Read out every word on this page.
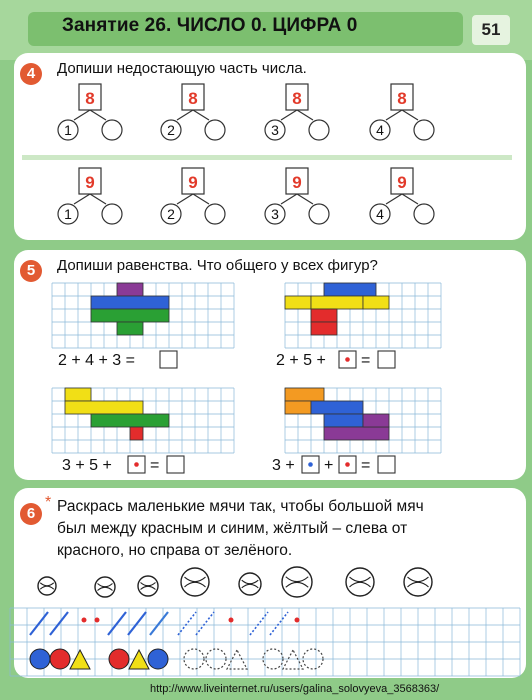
Занятие 26. ЧИСЛО 0. ЦИФРА 0	51
4	Допиши недостающую часть числа.
8
1
8
2
8
3
8
4
9
1
9
2
9
3
9
4
5	Допиши равенства. Что общего у всех фигур?
2 + 4 + 3 =	2 + 5 + =
3 + 5 + =	3 + + =
6
* Раскрась маленькие мячи так, чтобы большой мяч
был между красным и синим, жёлтый – слева от
красного, но справа от зелёного.
http://www.liveinternet.ru/users/galina_solovyeva_3568363/
